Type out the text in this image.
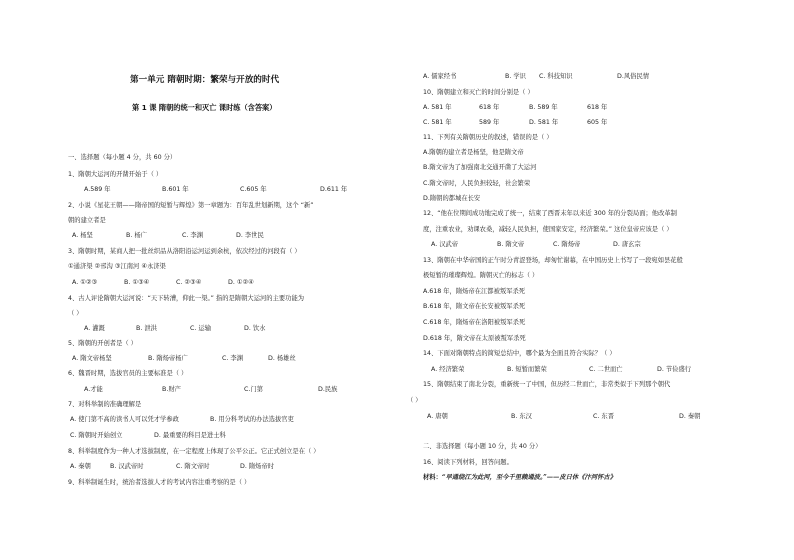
第一单元 隋朝时期：繁荣与开放的时代
第 1 课 隋朝的统一和灭亡 课时练（含答案）
一、选择题（每小题 4 分，共 60 分）
1、隋朝大运河的开凿开始于（ ）
A.589 年	B.601 年	C.605 年	D.611 年
2、小说《星花王朝——隋帝国的短暂与辉煌》第一章题为：百年乱世划新期，这个 “新”
朝的建立者是
A. 杨坚	B. 杨广	C. 李渊	D. 李世民
3、隋朝时期，某商人把一批丝织品从洛阳沿运河运到余杭，依次经过的河段有（ ）
①通济渠 ②邗沟 ③江南河 ④永济渠
A. ①②③	B. ①③④	C. ②③④	D. ①②④
4、古人评论隋朝大运河说：“天下转漕，仰此一渠。” 指的是隋朝大运河的主要功能为
（ ）
A. 灌溉	B. 泄洪	C. 运输	D. 饮水
5、隋朝的开创者是（ ）
A. 隋文帝杨坚	B. 隋炀帝杨广	C. 李渊	D. 杨雄丝
6、魏晋时期，选拔官员的主要标准是（ ）
A.才能	B.财产	C.门第	D.民族
7、对科举制的准确理解是
A. 使门第不高的读书人可以凭才学参政	B. 用分科考试的办法选拔官吏
C. 隋朝时开始创立	D. 最重要的科目是进士科
8、科举制度作为一种人才选拔制度，在一定程度上体现了公平公正。它正式创立是在（ ）
A. 秦朝	B. 汉武帝时	C. 隋文帝时	D. 隋炀帝时
9、科举制诞生时，统治者选拔人才的考试内容注重考察的是（ ）
A. 儒家经书	B. 学识 C. 科技知识	D.风俗民情
10、隋朝建立和灭亡的时间分别是（ ）
A. 581 年	618 年	B. 589 年	618 年
C. 581 年	589 年	D. 581 年	605 年
11、下列有关隋朝历史的叙述，错误的是（ ）
A.隋朝的建立者是杨坚，他是隋文帝
B.隋文帝为了加强南北交通开凿了大运河
C.隋文帝时，人民负担较轻，社会繁荣
D.隋朝的都城在长安
12、“他在位期间成功地完成了统一，结束了西晋末年以来近 300 年的分裂局面；他改革制
度，注重农业，劝课农桑，减轻人民负担，使国家安定，经济繁荣。” 这位皇帝应该是（ ）
A. 汉武帝	B. 隋文帝	C. 隋炀帝	D. 唐玄宗
13、隋朝在中华帝国的正午时分青涩登场，却匆忙谢幕，在中国历史上书写了一段宛如昙花般
极短暂的璀璨辉煌。隋朝灭亡的标志（ ）
A.618 年，隋炀帝在江都被叛军杀死
B.618 年，隋文帝在长安被叛军杀死
C.618 年，隋炀帝在洛阳被叛军杀死
D.618 年，隋文帝在太原被叛军杀死
14、下面对隋朝特点的简短总结中，哪个最为全面且符合实际？（ ）
A. 经济繁荣	B. 短暂而繁荣	C. 二世而亡	D. 节俭盛行
15、隋朝结束了南北分裂，重新统一了中国，但历经二世而亡，非常类似于下列那个朝代
（ ）
A. 唐朝	B. 东汉	C. 东晋	D. 秦朝
二、非选择题（每小题 10 分，共 40 分）
16、阅读下列材料，回答问题。
材料：“早通绕江为此河，至今千里赖通波。”——皮日休《汴河怀古》
